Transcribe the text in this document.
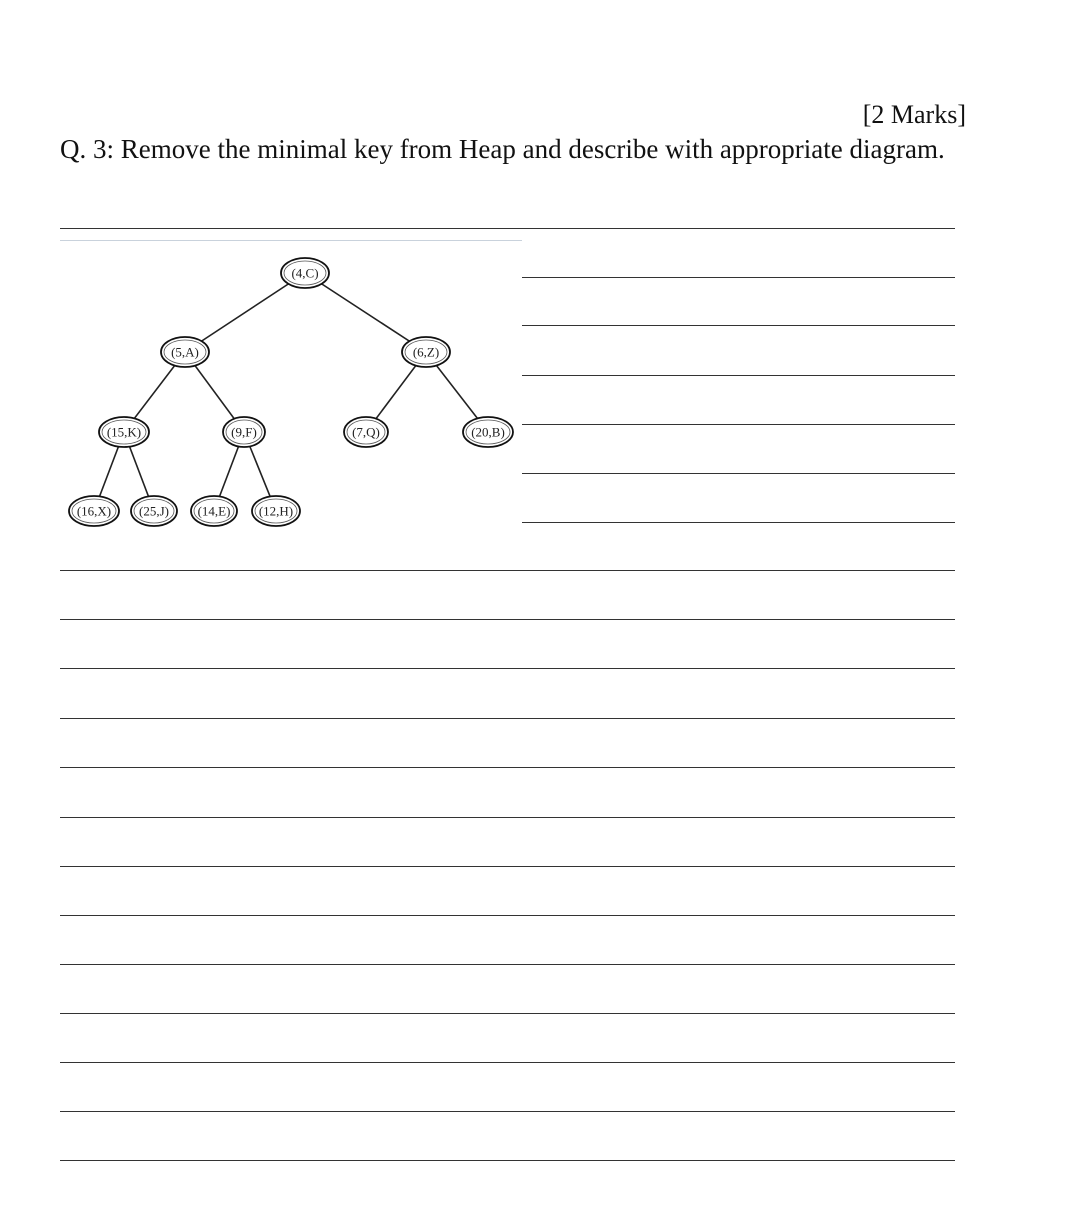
[2 Marks]
Q. 3: Remove the minimal key from Heap and describe with appropriate diagram.
(4,C)
(5,A)	(6,Z)
(15,K)	(9,F)	(7,Q)	(20,B)
(16,X) (25,J) (14,E) (12,H)
